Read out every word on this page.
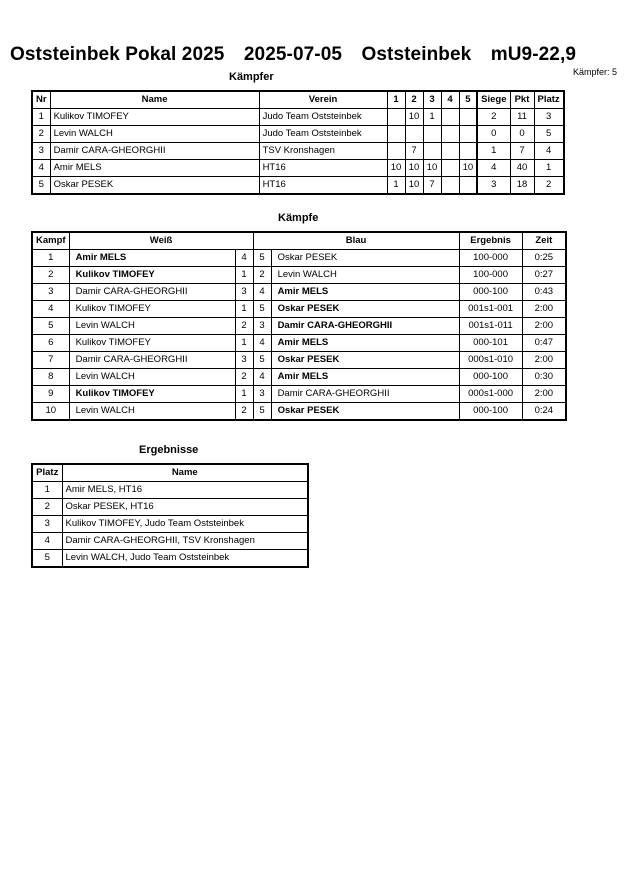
Oststeinbek Pokal 2025 2025-07-05 Oststeinbek mU9-22,9
Kämpfer: 5
Kämpfer
Nr	Name	Verein	1	2	3	4	5	Siege	Pkt	Platz
1	Kulikov TIMOFEY	Judo Team Oststeinbek		10	1			2	11	3
2	Levin WALCH	Judo Team Oststeinbek						0	0	5
3	Damir CARA-GHEORGHII	TSV Kronshagen		7				1	7	4
4	Amir MELS	HT16	10	10	10		10	4	40	1
5	Oskar PESEK	HT16	1	10	7			3	18	2
Kämpfe
Kampf	Weiß		Blau		Ergebnis	Zeit
1	Amir MELS	4	5	Oskar PESEK	100-000	0:25
2	Kulikov TIMOFEY	1	2	Levin WALCH	100-000	0:27
3	Damir CARA-GHEORGHII	3	4	Amir MELS	000-100	0:43
4	Kulikov TIMOFEY	1	5	Oskar PESEK	001s1-001	2:00
5	Levin WALCH	2	3	Damir CARA-GHEORGHII	001s1-011	2:00
6	Kulikov TIMOFEY	1	4	Amir MELS	000-101	0:47
7	Damir CARA-GHEORGHII	3	5	Oskar PESEK	000s1-010	2:00
8	Levin WALCH	2	4	Amir MELS	000-100	0:30
9	Kulikov TIMOFEY	1	3	Damir CARA-GHEORGHII	000s1-000	2:00
10	Levin WALCH	2	5	Oskar PESEK	000-100	0:24
Ergebnisse
Platz	Name
1	Amir MELS, HT16
2	Oskar PESEK, HT16
3	Kulikov TIMOFEY, Judo Team Oststeinbek
4	Damir CARA-GHEORGHII, TSV Kronshagen
5	Levin WALCH, Judo Team Oststeinbek
